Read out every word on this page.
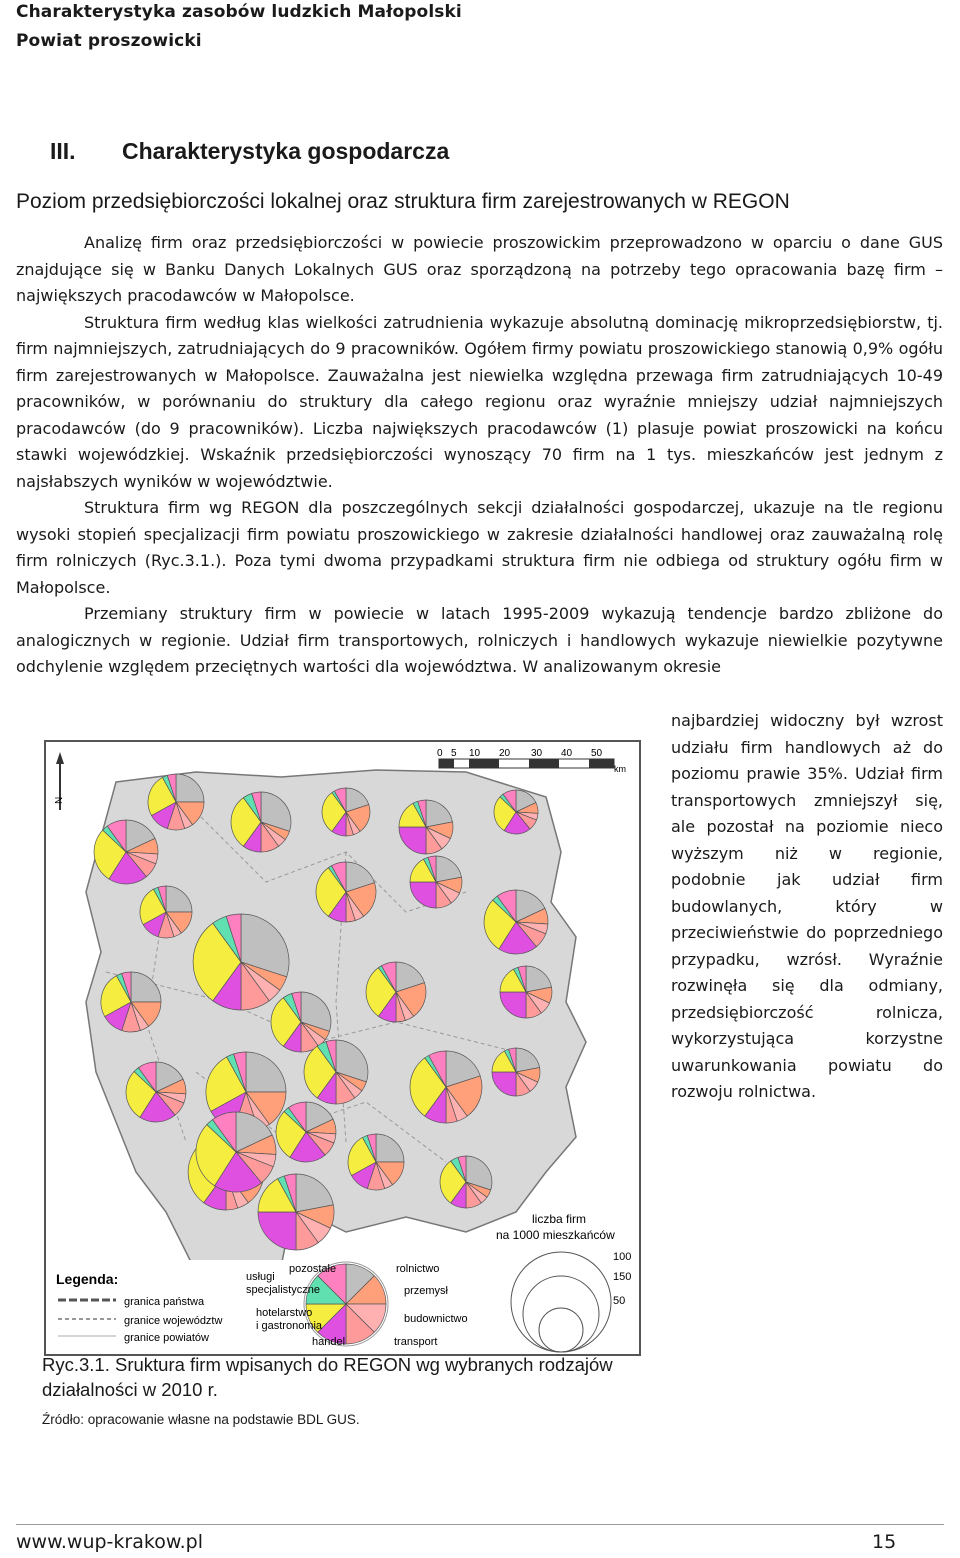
Charakterystyka zasobów ludzkich Małopolski
Powiat proszowicki
III. Charakterystyka gospodarcza
Poziom przedsiębiorczości lokalnej oraz struktura firm zarejestrowanych w REGON

Analizę firm oraz przedsiębiorczości w powiecie proszowickim przeprowadzono w oparciu o dane GUS znajdujące się w Banku Danych Lokalnych GUS oraz sporządzoną na potrzeby tego opracowania bazę firm – największych pracodawców w Małopolsce.

Struktura firm według klas wielkości zatrudnienia wykazuje absolutną dominację mikroprzedsiębiorstw, tj. firm najmniejszych, zatrudniających do 9 pracowników. Ogółem firmy powiatu proszowickiego stanowią 0,9% ogółu firm zarejestrowanych w Małopolsce. Zauważalna jest niewielka względna przewaga firm zatrudniających 10-49 pracowników, w porównaniu do struktury dla całego regionu oraz wyraźnie mniejszy udział najmniejszych pracodawców (do 9 pracowników). Liczba największych pracodawców (1) plasuje powiat proszowicki na końcu stawki wojewódzkiej. Wskaźnik przedsiębiorczości wynoszący 70 firm na 1 tys. mieszkańców jest jednym z najsłabszych wyników w województwie.

Struktura firm wg REGON dla poszczególnych sekcji działalności gospodarczej, ukazuje na tle regionu wysoki stopień specjalizacji firm powiatu proszowickiego w zakresie działalności handlowej oraz zauważalną rolę firm rolniczych (Ryc.3.1.). Poza tymi dwoma przypadkami struktura firm nie odbiega od struktury ogółu firm w Małopolsce.

Przemiany struktury firm w powiecie w latach 1995-2009 wykazują tendencje bardzo zbliżone do analogicznych w regionie. Udział firm transportowych, rolniczych i handlowych wykazuje niewielkie pozytywne odchylenie względem przeciętnych wartości dla województwa. W analizowanym okresie

najbardziej widoczny był wzrost udziału firm handlowych aż do poziomu prawie 35%. Udział firm transportowych zmniejszył się, ale pozostał na poziomie nieco wyższym niż w regionie, podobnie jak udział firm budowlanych, który w przeciwieństwie do poprzedniego przypadku, wzrósł. Wyraźnie rozwinęła się dla odmiany, przedsiębiorczość rolnicza, wykorzystująca korzystne uwarunkowania powiatu do rozwoju rolnictwa.
N
0 5 10 20 30 40 50
km
Legenda:
granica państwa
granice województw
granice powiatów
pozostałe	rolnictwo
usługi
specjalistyczne	przemysł
hotelarstwo
i gastronomia
budownictwo
handel	transport
liczba firm
na 1000 mieszkańców
100
150
50
Ryc.3.1. Sruktura firm wpisanych do REGON wg wybranych rodzajów działalności w 2010 r.
Źródło: opracowanie własne na podstawie BDL GUS.
www.wup-krakow.pl	15
